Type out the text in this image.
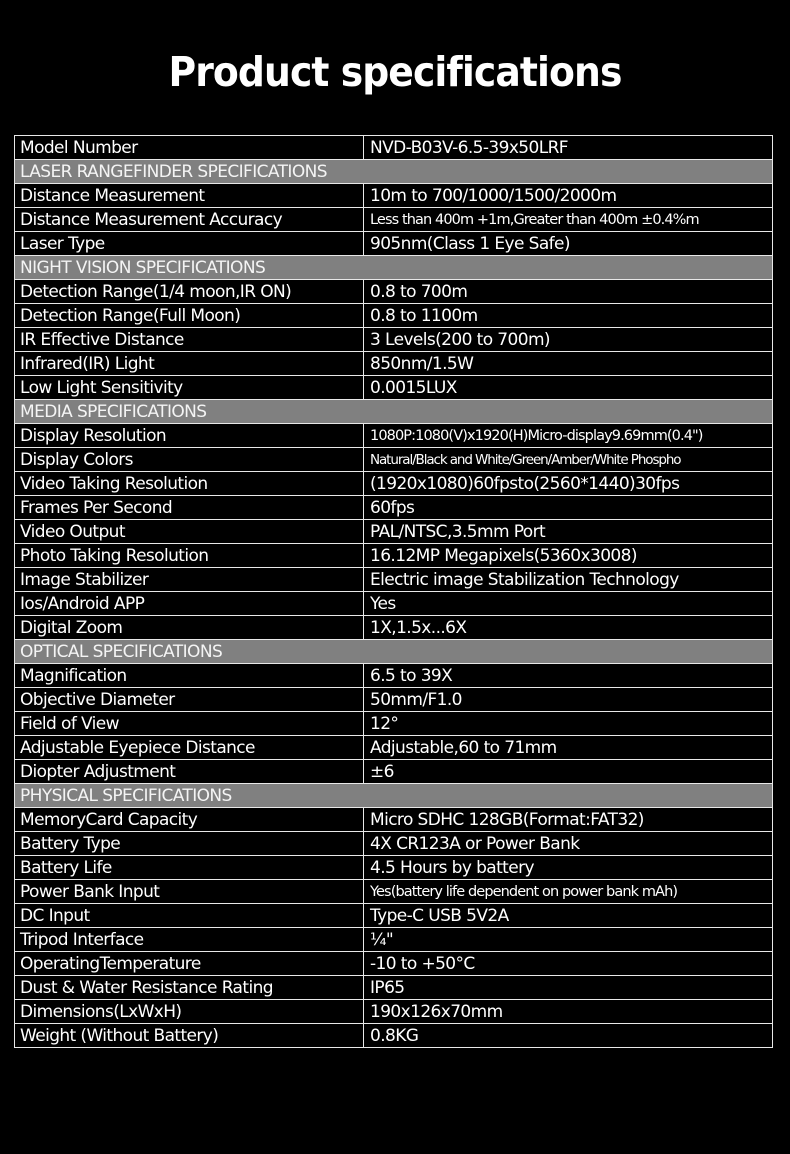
Product specifications
Model Number	NVD-B03V-6.5-39x50LRF
LASER RANGEFINDER SPECIFICATIONS	
Distance Measurement	10m to 700/1000/1500/2000m
Distance Measurement Accuracy	Less than 400m +1m,Greater than 400m ±0.4%m
Laser Type	905nm(Class 1 Eye Safe)
NIGHT VISION SPECIFICATIONS	
Detection Range(1/4 moon,IR ON)	0.8 to 700m
Detection Range(Full Moon)	0.8 to 1100m
IR Effective Distance	3 Levels(200 to 700m)
Infrared(IR) Light	850nm/1.5W
Low Light Sensitivity	0.0015LUX
MEDIA SPECIFICATIONS	
Display Resolution	1080P:1080(V)x1920(H)Micro-display9.69mm(0.4")
Display Colors	Natural/Black and White/Green/Amber/White Phospho
Video Taking Resolution	(1920x1080)60fpsto(2560*1440)30fps
Frames Per Second	60fps
Video Output	PAL/NTSC,3.5mm Port
Photo Taking Resolution	16.12MP Megapixels(5360x3008)
Image Stabilizer	Electric image Stabilization Technology
Ios/Android APP	Yes
Digital Zoom	1X,1.5x...6X
OPTICAL SPECIFICATIONS	
Magnification	6.5 to 39X
Objective Diameter	50mm/F1.0
Field of View	12°
Adjustable Eyepiece Distance	Adjustable,60 to 71mm
Diopter Adjustment	±6
PHYSICAL SPECIFICATIONS	
MemoryCard Capacity	Micro SDHC 128GB(Format:FAT32)
Battery Type	4X CR123A or Power Bank
Battery Life	4.5 Hours by battery
Power Bank Input	Yes(battery life dependent on power bank mAh)
DC Input	Type-C USB 5V2A
Tripod Interface	¼"
OperatingTemperature	-10 to +50°C
Dust & Water Resistance Rating	IP65
Dimensions(LxWxH)	190x126x70mm
Weight (Without Battery)	0.8KG
